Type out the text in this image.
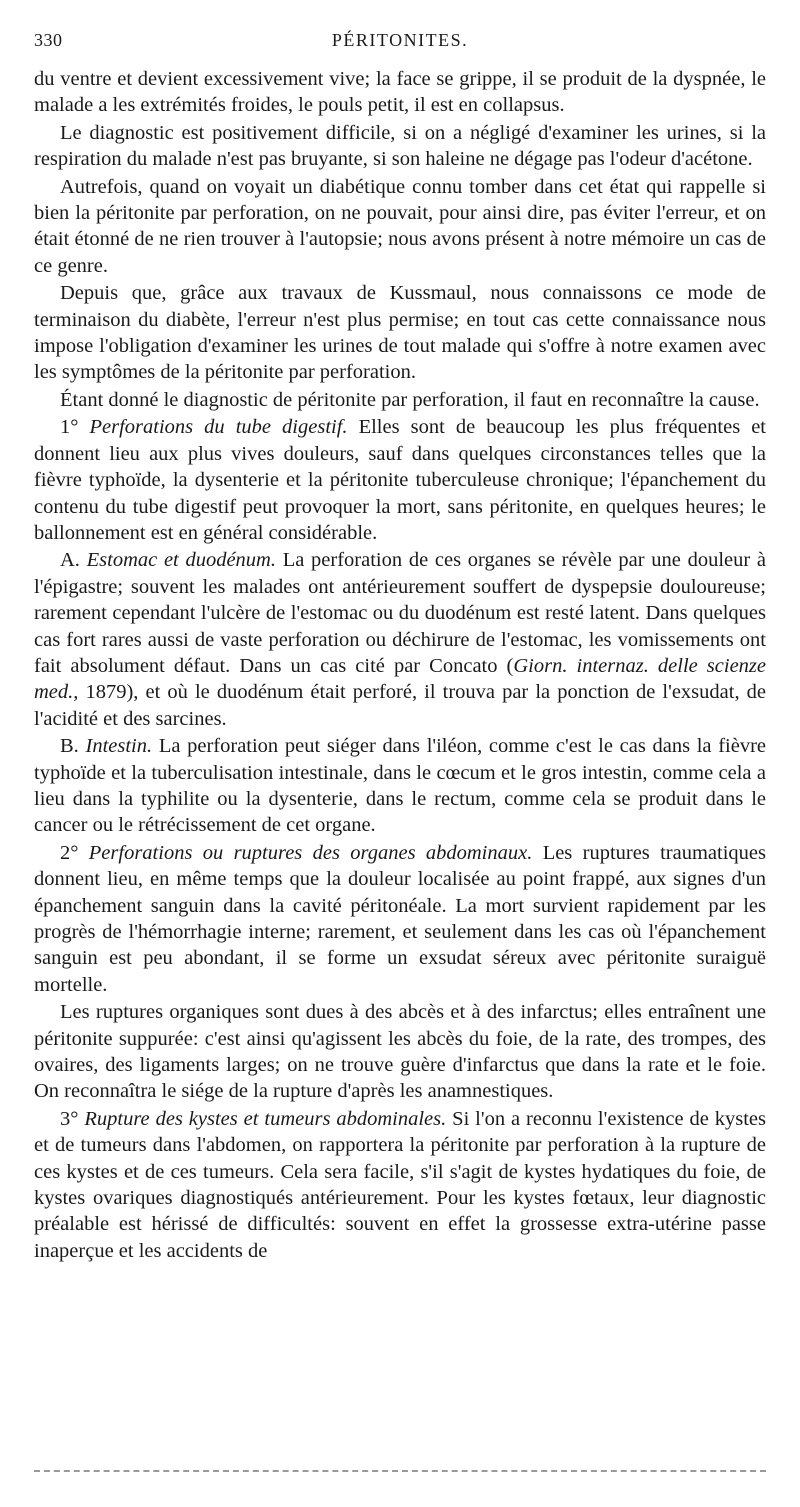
330	PÉRITONITES.

du ventre et devient excessivement vive; la face se grippe, il se produit de la dyspnée, le malade a les extrémités froides, le pouls petit, il est en collapsus.

Le diagnostic est positivement difficile, si on a négligé d'examiner les urines, si la respiration du malade n'est pas bruyante, si son haleine ne dégage pas l'odeur d'acétone.

Autrefois, quand on voyait un diabétique connu tomber dans cet état qui rappelle si bien la péritonite par perforation, on ne pouvait, pour ainsi dire, pas éviter l'erreur, et on était étonné de ne rien trouver à l'autopsie; nous avons présent à notre mémoire un cas de ce genre.

Depuis que, grâce aux travaux de Kussmaul, nous connaissons ce mode de terminaison du diabète, l'erreur n'est plus permise; en tout cas cette connaissance nous impose l'obligation d'examiner les urines de tout malade qui s'offre à notre examen avec les symptômes de la péritonite par perforation.

Étant donné le diagnostic de péritonite par perforation, il faut en reconnaître la cause.

1° Perforations du tube digestif. Elles sont de beaucoup les plus fréquentes et donnent lieu aux plus vives douleurs, sauf dans quelques circonstances telles que la fièvre typhoïde, la dysenterie et la péritonite tuberculeuse chronique; l'épanchement du contenu du tube digestif peut provoquer la mort, sans péritonite, en quelques heures; le ballonnement est en général considérable.

A. Estomac et duodénum. La perforation de ces organes se révèle par une douleur à l'épigastre; souvent les malades ont antérieurement souffert de dyspepsie douloureuse; rarement cependant l'ulcère de l'estomac ou du duodénum est resté latent. Dans quelques cas fort rares aussi de vaste perforation ou déchirure de l'estomac, les vomissements ont fait absolument défaut. Dans un cas cité par Concato (Giorn. internaz. delle scienze med., 1879), et où le duodénum était perforé, il trouva par la ponction de l'exsudat, de l'acidité et des sarcines.

B. Intestin. La perforation peut siéger dans l'iléon, comme c'est le cas dans la fièvre typhoïde et la tuberculisation intestinale, dans le cœcum et le gros intestin, comme cela a lieu dans la typhilite ou la dysenterie, dans le rectum, comme cela se produit dans le cancer ou le rétrécissement de cet organe.

2° Perforations ou ruptures des organes abdominaux. Les ruptures traumatiques donnent lieu, en même temps que la douleur localisée au point frappé, aux signes d'un épanchement sanguin dans la cavité péritonéale. La mort survient rapidement par les progrès de l'hémorrhagie interne; rarement, et seulement dans les cas où l'épanchement sanguin est peu abondant, il se forme un exsudat séreux avec péritonite suraiguë mortelle.

Les ruptures organiques sont dues à des abcès et à des infarctus; elles entraînent une péritonite suppurée: c'est ainsi qu'agissent les abcès du foie, de la rate, des trompes, des ovaires, des ligaments larges; on ne trouve guère d'infarctus que dans la rate et le foie. On reconnaîtra le siége de la rupture d'après les anamnestiques.

3° Rupture des kystes et tumeurs abdominales. Si l'on a reconnu l'existence de kystes et de tumeurs dans l'abdomen, on rapportera la péritonite par perforation à la rupture de ces kystes et de ces tumeurs. Cela sera facile, s'il s'agit de kystes hydatiques du foie, de kystes ovariques diagnostiqués antérieurement. Pour les kystes fœtaux, leur diagnostic préalable est hérissé de difficultés: souvent en effet la grossesse extra-utérine passe inaperçue et les accidents de
